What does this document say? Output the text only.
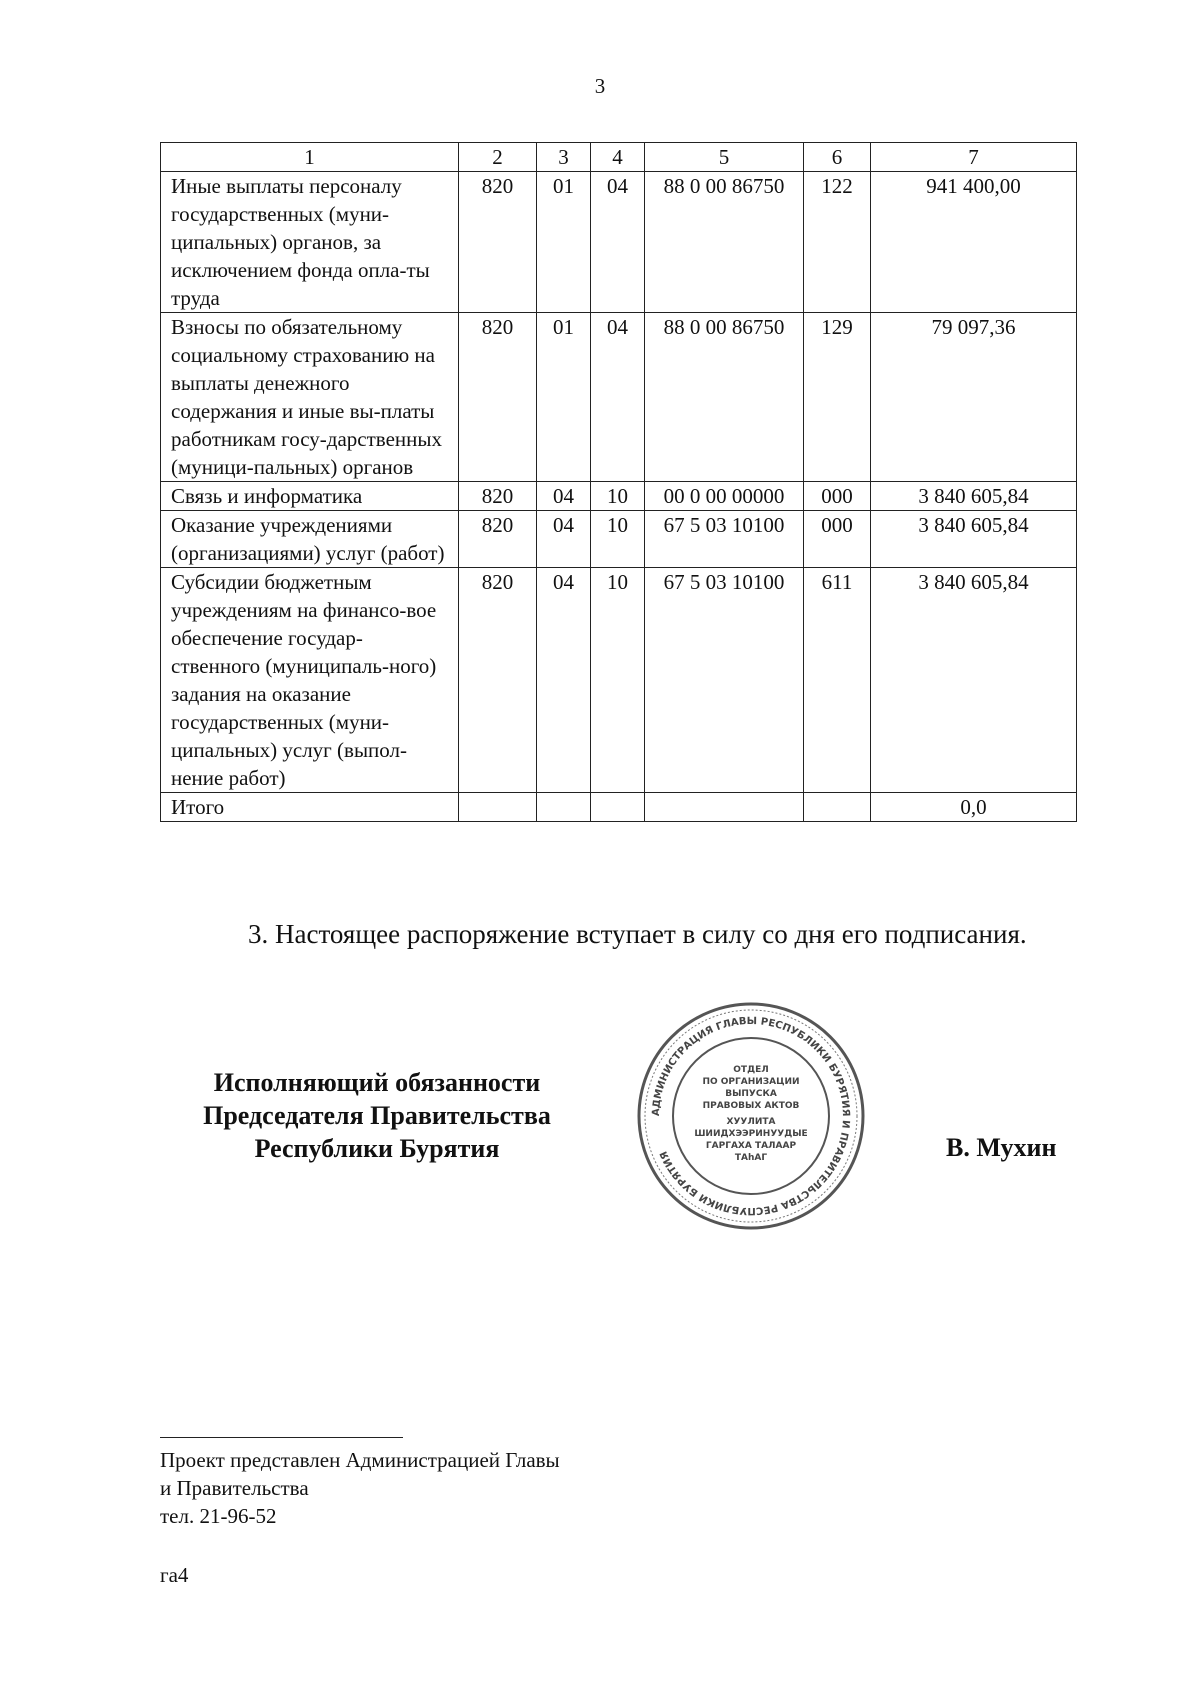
3
1	2	3	4	5	6	7
Иные выплаты персоналу государственных (муни-ципальных) органов, за исключением фонда опла-ты труда	820	01	04	88 0 00 86750	122	941 400,00
Взносы по обязательному социальному страхованию на выплаты денежного содержания и иные вы-платы работникам госу-дарственных (муници-пальных) органов	820	01	04	88 0 00 86750	129	79 097,36
Связь и информатика	820	04	10	00 0 00 00000	000	3 840 605,84
Оказание учреждениями (организациями) услуг (работ)	820	04	10	67 5 03 10100	000	3 840 605,84
Субсидии бюджетным учреждениям на финансо-вое обеспечение государ-ственного (муниципаль-ного) задания на оказание государственных (муни-ципальных) услуг (выпол-нение работ)	820	04	10	67 5 03 10100	611	3 840 605,84
Итого						0,0
3. Настоящее распоряжение вступает в силу со дня его подписания.
Исполняющий обязанности
Председателя Правительства
Республики Бурятия
АДМИНИСТРАЦИЯ ГЛАВЫ РЕСПУБЛИКИ БУРЯТИЯ И ПРАВИТЕЛЬСТВА РЕСПУБЛИКИ БУРЯТИЯ
ОТДЕЛ
ПО ОРГАНИЗАЦИИ
ВЫПУСКА
ПРАВОВЫХ АКТОВ
ХУУЛИТА
ШИИДХЭЭРИНУУДЫЕ
ГАРГАХА ТАЛААР
ТАhАГ	В. Мухин
Проект представлен Администрацией Главы
и Правительства
тел. 21-96-52
га4
